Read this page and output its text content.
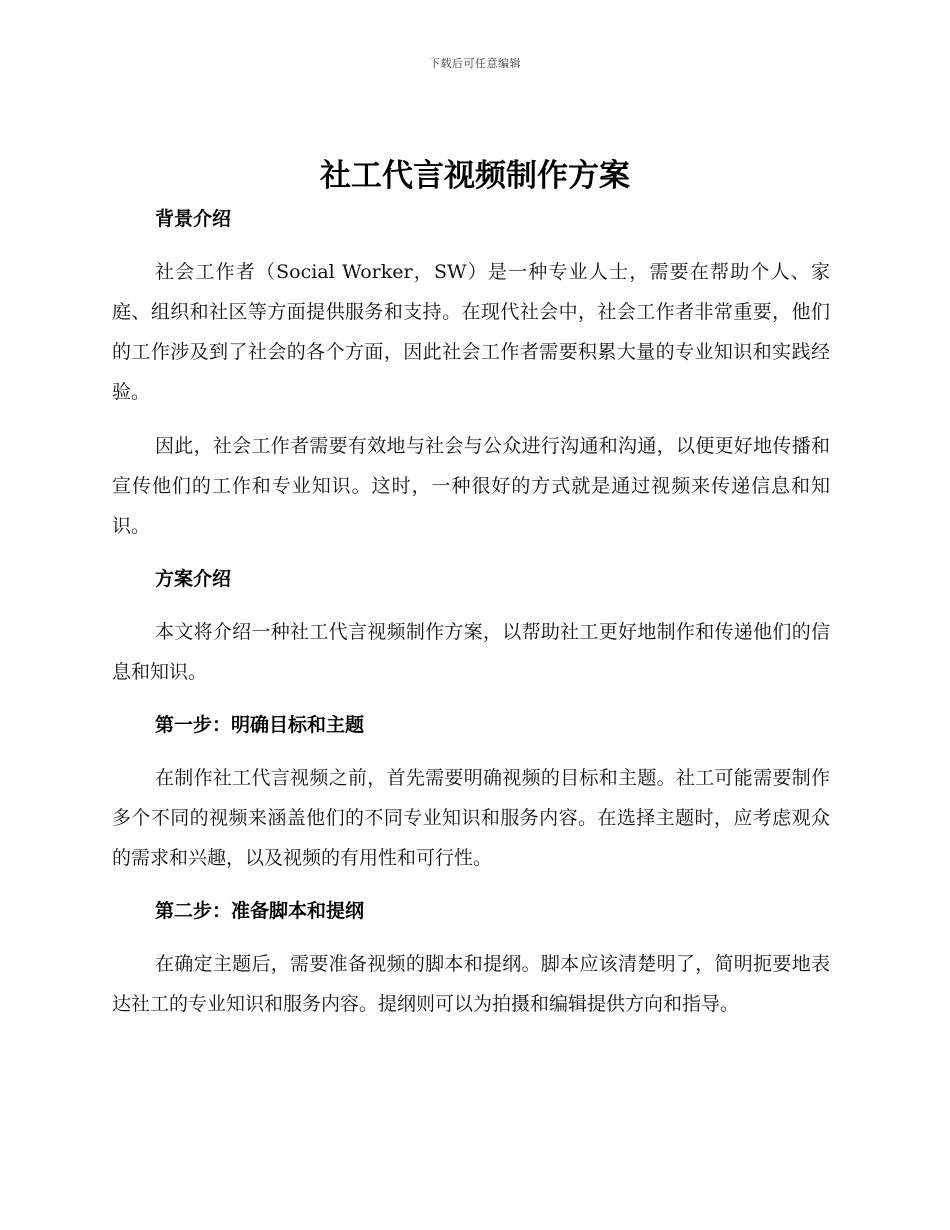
下载后可任意编辑
社工代言视频制作方案
背景介绍

社会工作者（Social Worker，SW）是一种专业人士，需要在帮助个人、家庭、组织和社区等方面提供服务和支持。在现代社会中，社会工作者非常重要，他们的工作涉及到了社会的各个方面，因此社会工作者需要积累大量的专业知识和实践经验。

因此，社会工作者需要有效地与社会与公众进行沟通和沟通，以便更好地传播和宣传他们的工作和专业知识。这时，一种很好的方式就是通过视频来传递信息和知识。

方案介绍

本文将介绍一种社工代言视频制作方案，以帮助社工更好地制作和传递他们的信息和知识。

第一步：明确目标和主题

在制作社工代言视频之前，首先需要明确视频的目标和主题。社工可能需要制作多个不同的视频来涵盖他们的不同专业知识和服务内容。在选择主题时，应考虑观众的需求和兴趣，以及视频的有用性和可行性。

第二步：准备脚本和提纲

在确定主题后，需要准备视频的脚本和提纲。脚本应该清楚明了，简明扼要地表达社工的专业知识和服务内容。提纲则可以为拍摄和编辑提供方向和指导。
